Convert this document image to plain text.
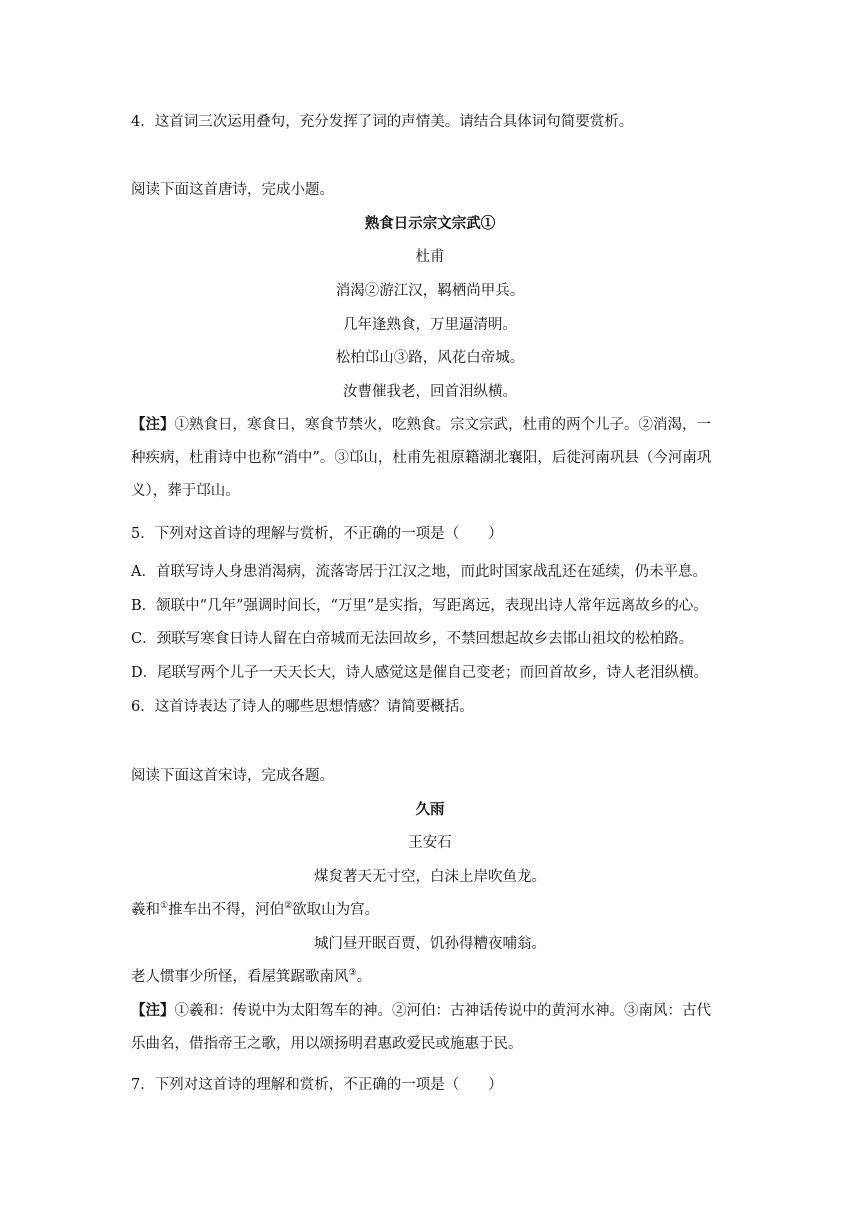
4．这首词三次运用叠句，充分发挥了词的声情美。请结合具体词句简要赏析。
阅读下面这首唐诗，完成小题。
熟食日示宗文宗武①
杜甫
消渴②游江汉，羁栖尚甲兵。
几年逢熟食，万里逼清明。
松柏邙山③路，风花白帝城。
汝曹催我老，回首泪纵横。
【注】①熟食日，寒食日，寒食节禁火，吃熟食。宗文宗武，杜甫的两个儿子。②消渴，一
种疾病，杜甫诗中也称“消中”。③邙山，杜甫先祖原籍湖北襄阳，后徙河南巩县（今河南巩
义），葬于邙山。
5．下列对这首诗的理解与赏析，不正确的一项是（　　）
A．首联写诗人身患消渴病，流落寄居于江汉之地，而此时国家战乱还在延续，仍未平息。
B．颔联中“几年”强调时间长，“万里”是实指，写距离远，表现出诗人常年远离故乡的心。
C．颈联写寒食日诗人留在白帝城而无法回故乡，不禁回想起故乡去邯山祖坟的松柏路。
D．尾联写两个儿子一天天长大，诗人感觉这是催自己变老；而回首故乡，诗人老泪纵横。
6．这首诗表达了诗人的哪些思想情感？请简要概括。
阅读下面这首宋诗，完成各题。
久雨
王安石
煤炱著天无寸空，白沫上岸吹鱼龙。
羲和①推车出不得，河伯②欲取山为宫。
城门昼开眠百贾，饥孙得糟夜哺翁。
老人惯事少所怪，看屋箕踞歌南风③。
【注】①羲和：传说中为太阳驾车的神。②河伯：古神话传说中的黄河水神。③南风：古代
乐曲名，借指帝王之歌，用以颂扬明君惠政爱民或施惠于民。
7．下列对这首诗的理解和赏析，不正确的一项是（　　）
